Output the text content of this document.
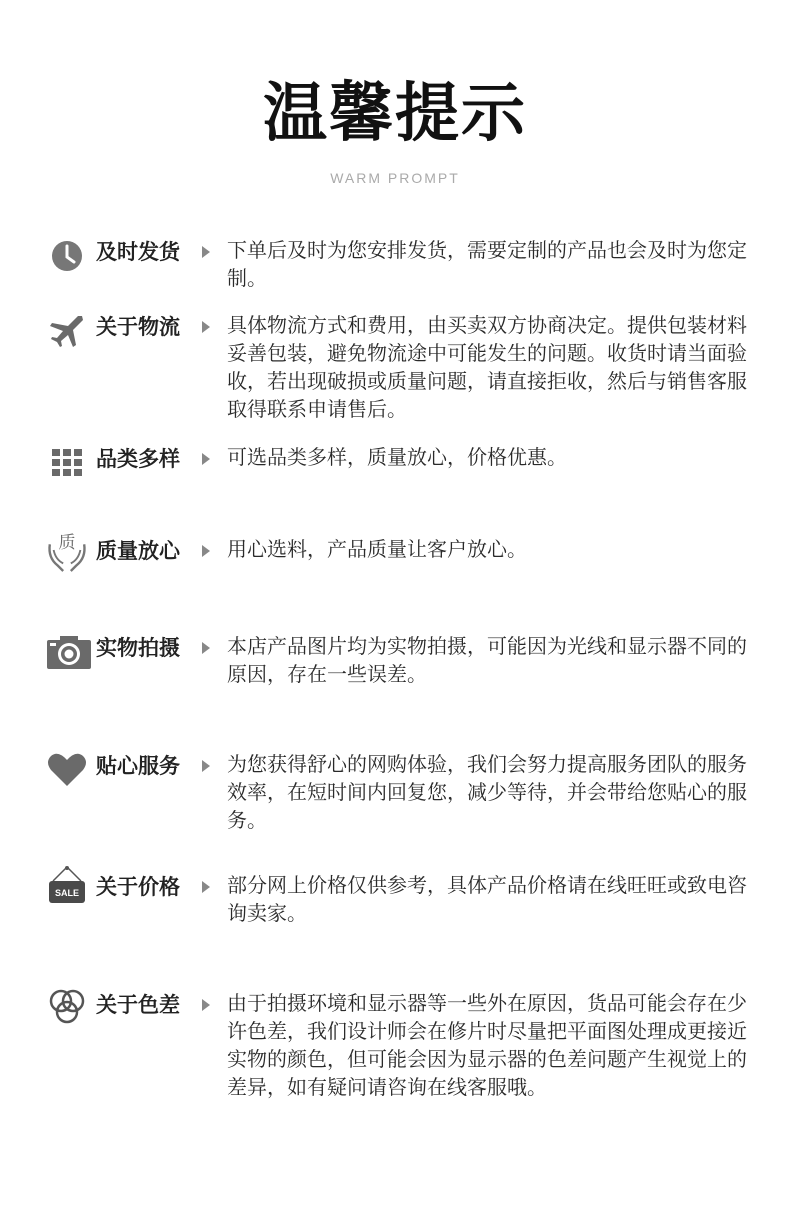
温馨提示
WARM PROMPT
及时发货 下单后及时为您安排发货，需要定制的产品也会及时为您定制。
关于物流 具体物流方式和费用，由买卖双方协商决定。提供包装材料妥善包装，避免物流途中可能发生的问题。收货时请当面验收，若出现破损或质量问题，请直接拒收，然后与销售客服取得联系申请售后。
品类多样 可选品类多样，质量放心，价格优惠。
质 质量放心 用心选料，产品质量让客户放心。
实物拍摄 本店产品图片均为实物拍摄，可能因为光线和显示器不同的原因，存在一些误差。
贴心服务 为您获得舒心的网购体验，我们会努力提高服务团队的服务效率，在短时间内回复您，减少等待，并会带给您贴心的服务。
SALE 关于价格 部分网上价格仅供参考，具体产品价格请在线旺旺或致电咨询卖家。
关于色差 由于拍摄环境和显示器等一些外在原因，货品可能会存在少许色差，我们设计师会在修片时尽量把平面图处理成更接近实物的颜色，但可能会因为显示器的色差问题产生视觉上的差异，如有疑问请咨询在线客服哦。
